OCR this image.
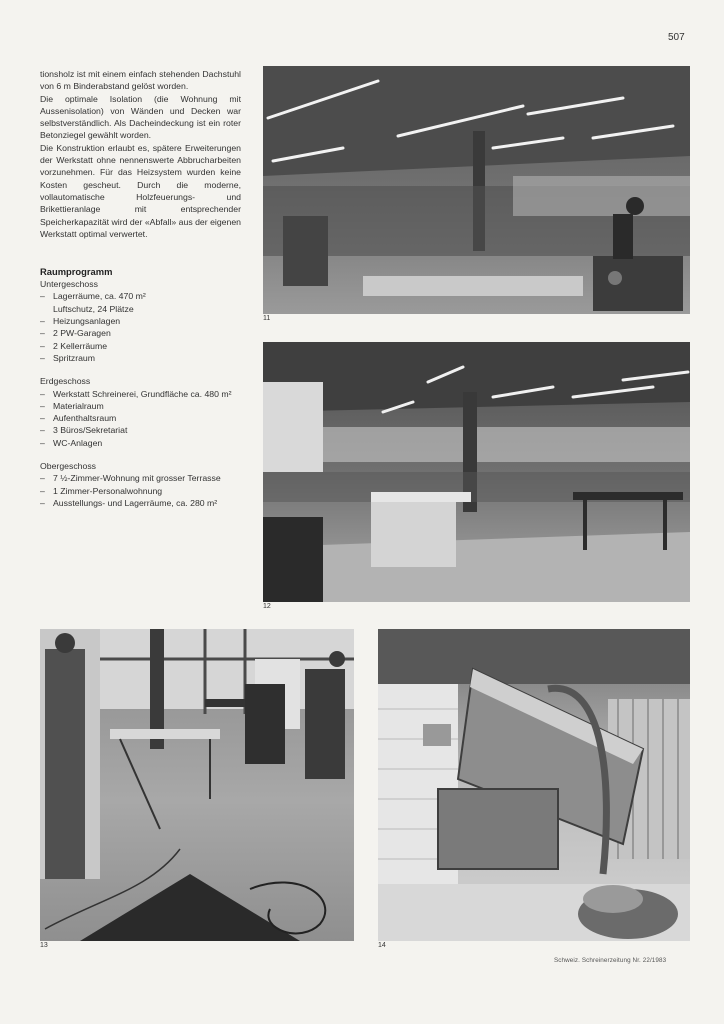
507

tionsholz ist mit einem einfach stehenden Dachstuhl von 6 m Binderabstand gelöst worden.

Die optimale Isolation (die Wohnung mit Aussenisolation) von Wänden und Decken war selbstverständlich. Als Dacheindeckung ist ein roter Betonziegel gewählt worden.

Die Konstruktion erlaubt es, spätere Erweiterungen der Werkstatt ohne nennenswerte Abbrucharbeiten vorzunehmen. Für das Heizsystem wurden keine Kosten gescheut. Durch die moderne, vollautomatische Holzfeuerungs- und Brikettieranlage mit entsprechender Speicherkapazität wird der «Abfall» aus der eigenen Werkstatt optimal verwertet.

Raumprogramm
Untergeschoss
– Lagerräume, ca. 470 m²
Luftschutz, 24 Plätze
– Heizungsanlagen
– 2 PW-Garagen
– 2 Kellerräume
– Spritzraum
Erdgeschoss
– Werkstatt Schreinerei, Grundfläche ca. 480 m²
– Materialraum
– Aufenthaltsraum
– 3 Büros/Sekretariat
– WC-Anlagen
Obergeschoss
– 7 ½-Zimmer-Wohnung mit grosser Terrasse
– 1 Zimmer-Personalwohnung
– Ausstellungs- und Lagerräume, ca. 280 m²
11
12
13	14
Schweiz. Schreinerzeitung Nr. 22/1983
